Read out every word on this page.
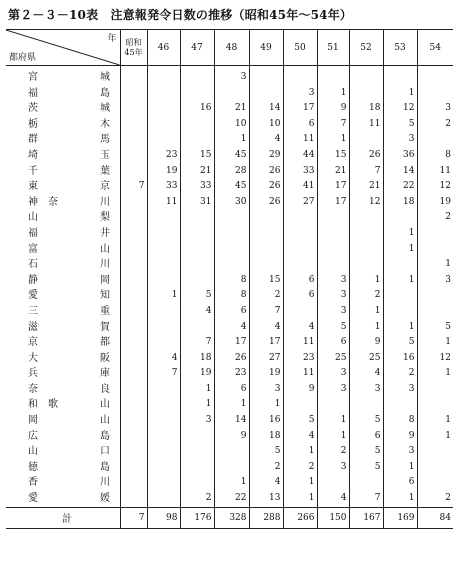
第２－３－10表　注意報発令日数の推移（昭和45年～54年）
年
都府県	昭和
45年	46	47	48	49	50	51	52	53	54

宮 城				3						

福 島						3	1		1	

茨 城			16	21	14	17	9	18	12	3

栃 木				10	10	6	7	11	5	2

群 馬				1	4	11	1		3	

埼 玉		23	15	45	29	44	15	26	36	8

千 葉		19	21	28	26	33	21	7	14	11

東 京	7	33	33	45	26	41	17	21	22	12

神　奈 川		11	31	30	26	27	17	12	18	19

山 梨										2

福 井									1	

富 山									1	

石 川										1

静 岡				8	15	6	3	1	1	3

愛 知		1	5	8	2	6	3	2		

三 重			4	6	7		3	1		

滋 賀				4	4	4	5	1	1	5

京 都			7	17	17	11	6	9	5	1

大 阪		4	18	26	27	23	25	25	16	12

兵 庫		7	19	23	19	11	3	4	2	1

奈 良			1	6	3	9	3	3	3	

和　歌 山			1	1	1					

岡 山			3	14	16	5	1	5	8	1

広 島				9	18	4	1	6	9	1

山 口					5	1	2	5	3	

徳 島					2	2	3	5	1	

香 川				1	4	1			6	

愛 媛			2	22	13	1	4	7	1	2
計	7	98	176	328	288	266	150	167	169	84
